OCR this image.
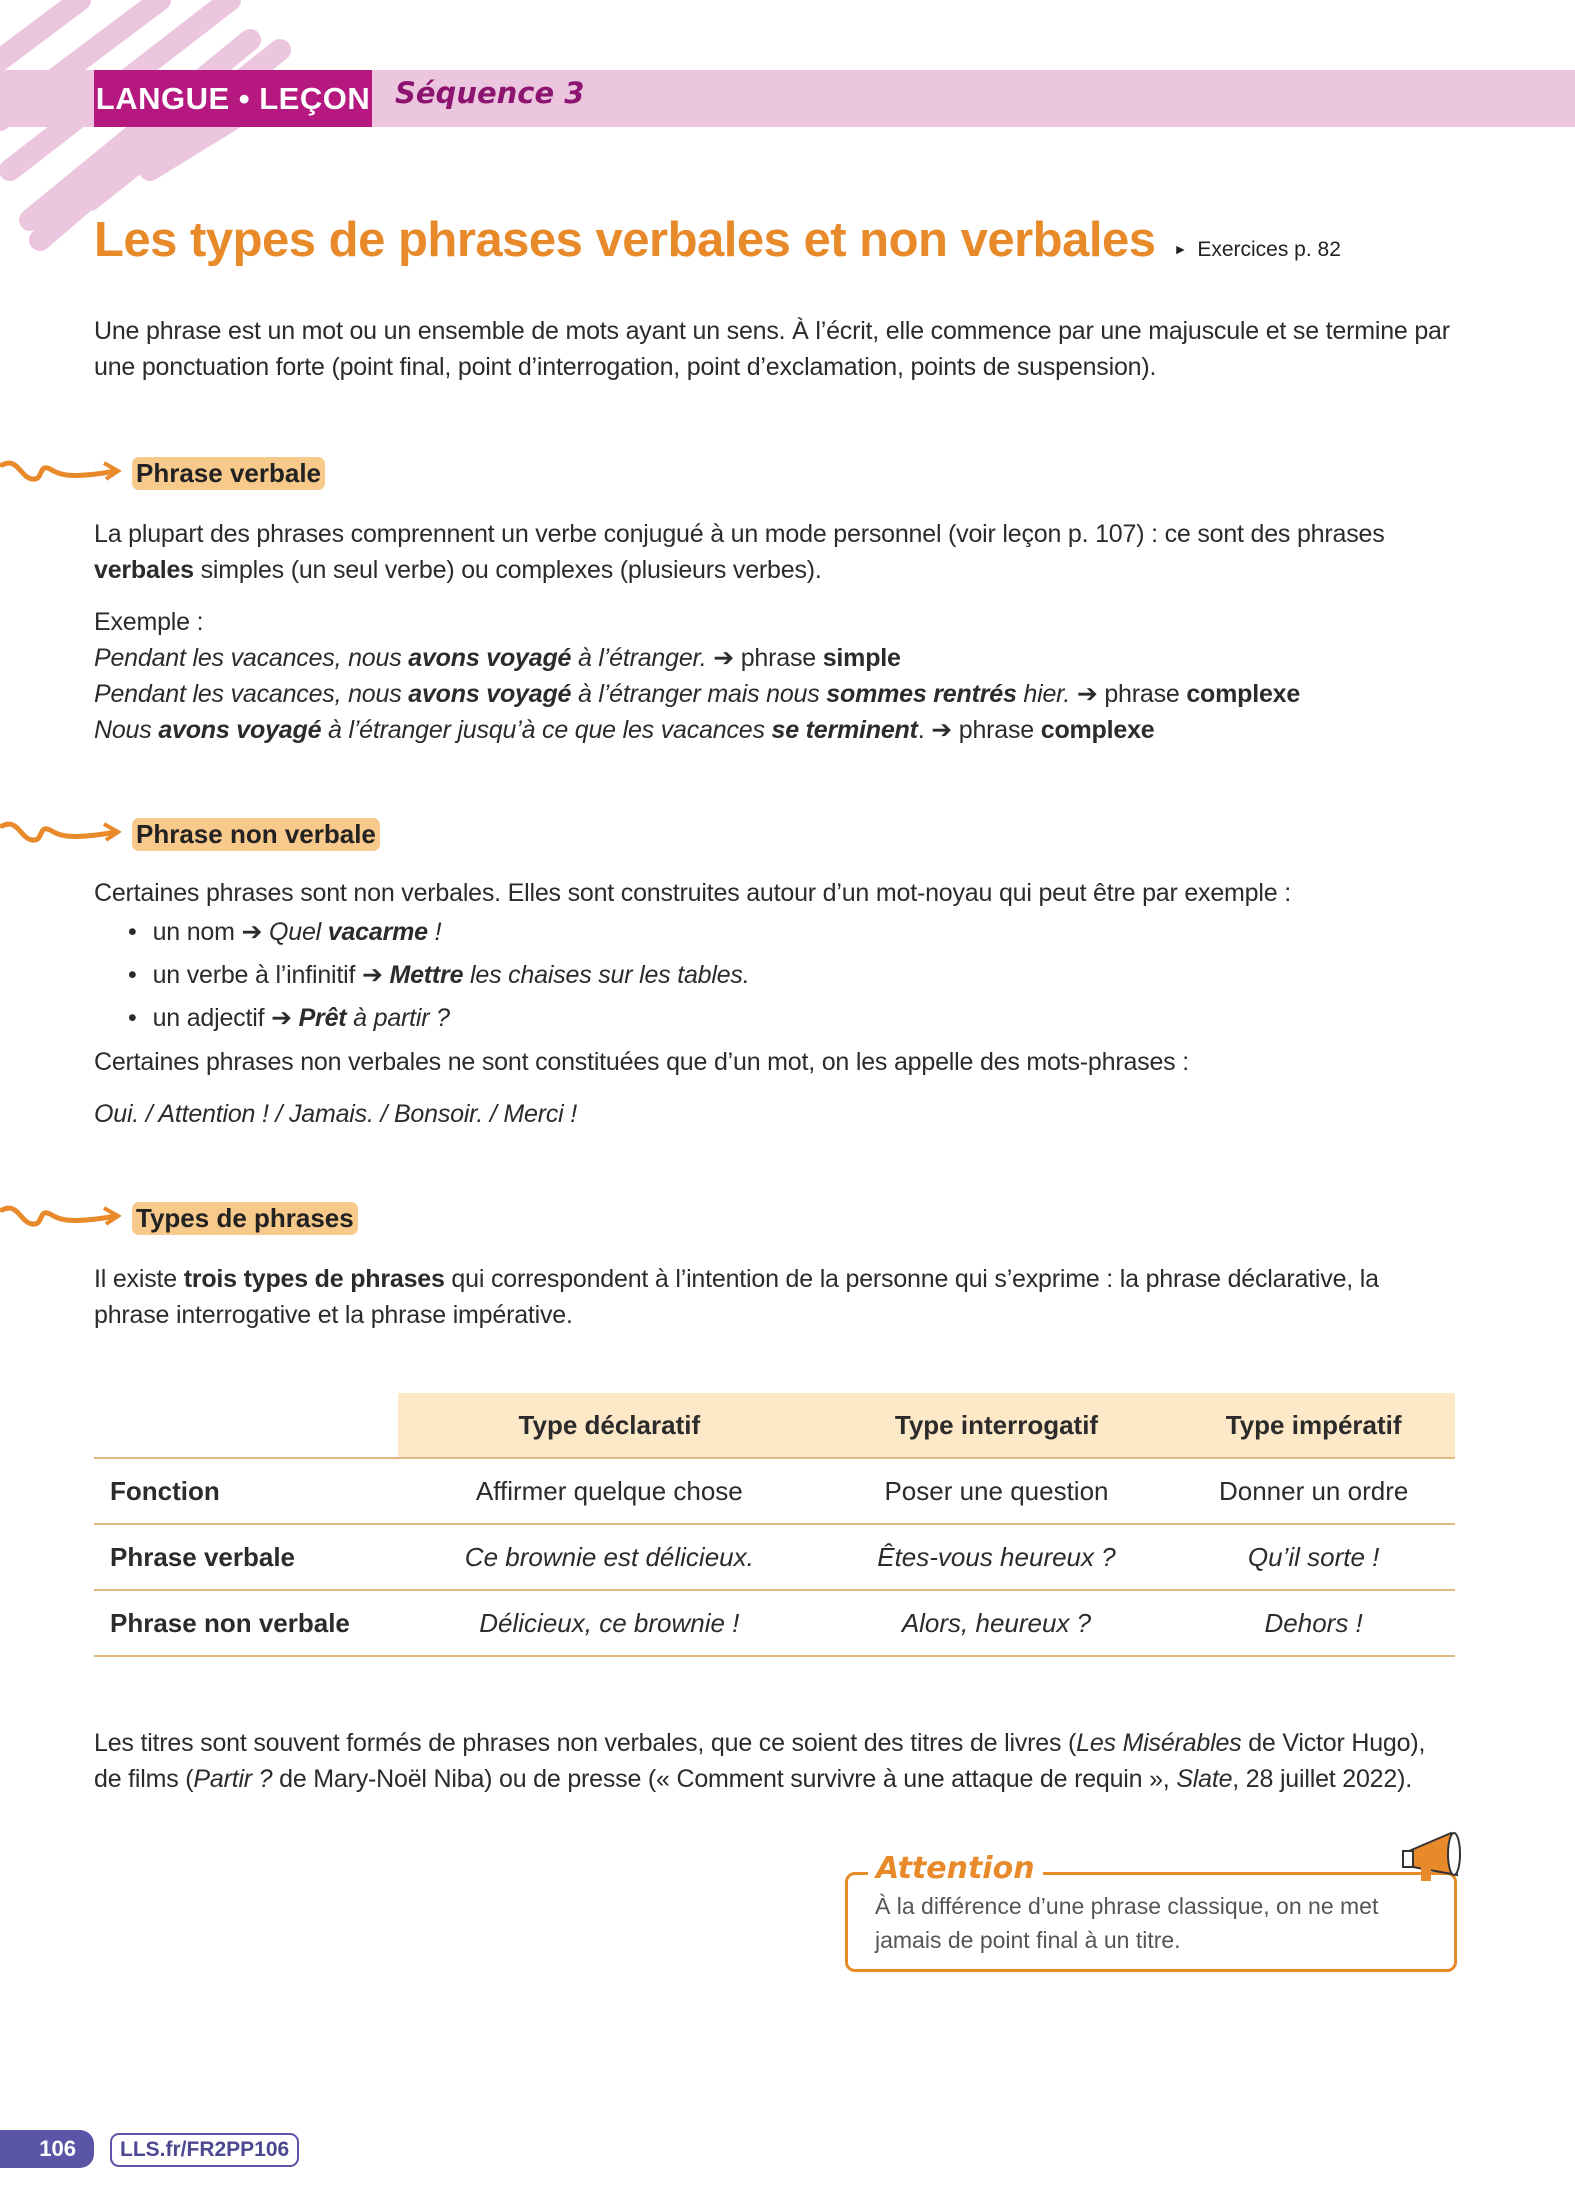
LANGUE • LEÇON Séquence 3
Les types de phrases verbales et non verbales ► Exercices p. 82
Une phrase est un mot ou un ensemble de mots ayant un sens. À l’écrit, elle commence par une majuscule et se termine par une ponctuation forte (point final, point d’interrogation, point d’exclamation, points de suspension).
Phrase verbale
La plupart des phrases comprennent un verbe conjugué à un mode personnel (voir leçon p. 107) : ce sont des phrases verbales simples (un seul verbe) ou complexes (plusieurs verbes).
Exemple :
Pendant les vacances, nous avons voyagé à l’étranger. ➔ phrase simple
Pendant les vacances, nous avons voyagé à l’étranger mais nous sommes rentrés hier. ➔ phrase complexe
Nous avons voyagé à l’étranger jusqu’à ce que les vacances se terminent. ➔ phrase complexe
Phrase non verbale
Certaines phrases sont non verbales. Elles sont construites autour d’un mot-noyau qui peut être par exemple :
• un nom ➔ Quel vacarme !
• un verbe à l’infinitif ➔ Mettre les chaises sur les tables.
• un adjectif ➔ Prêt à partir ?
Certaines phrases non verbales ne sont constituées que d’un mot, on les appelle des mots-phrases :
Oui. / Attention ! / Jamais. / Bonsoir. / Merci !
Types de phrases
Il existe trois types de phrases qui correspondent à l’intention de la personne qui s’exprime : la phrase déclarative, la phrase interrogative et la phrase impérative.
	Type déclaratif	Type interrogatif	Type impératif
Fonction	Affirmer quelque chose	Poser une question	Donner un ordre
Phrase verbale	Ce brownie est délicieux.	Êtes-vous heureux ?	Qu’il sorte !
Phrase non verbale	Délicieux, ce brownie !	Alors, heureux ?	Dehors !
Les titres sont souvent formés de phrases non verbales, que ce soient des titres de livres (Les Misérables de Victor Hugo), de films (Partir ? de Mary-Noël Niba) ou de presse (« Comment survivre à une attaque de requin », Slate, 28 juillet 2022).
À la différence d’une phrase classique, on ne met jamais de point final à un titre.
Attention
106	LLS.fr/FR2PP106
